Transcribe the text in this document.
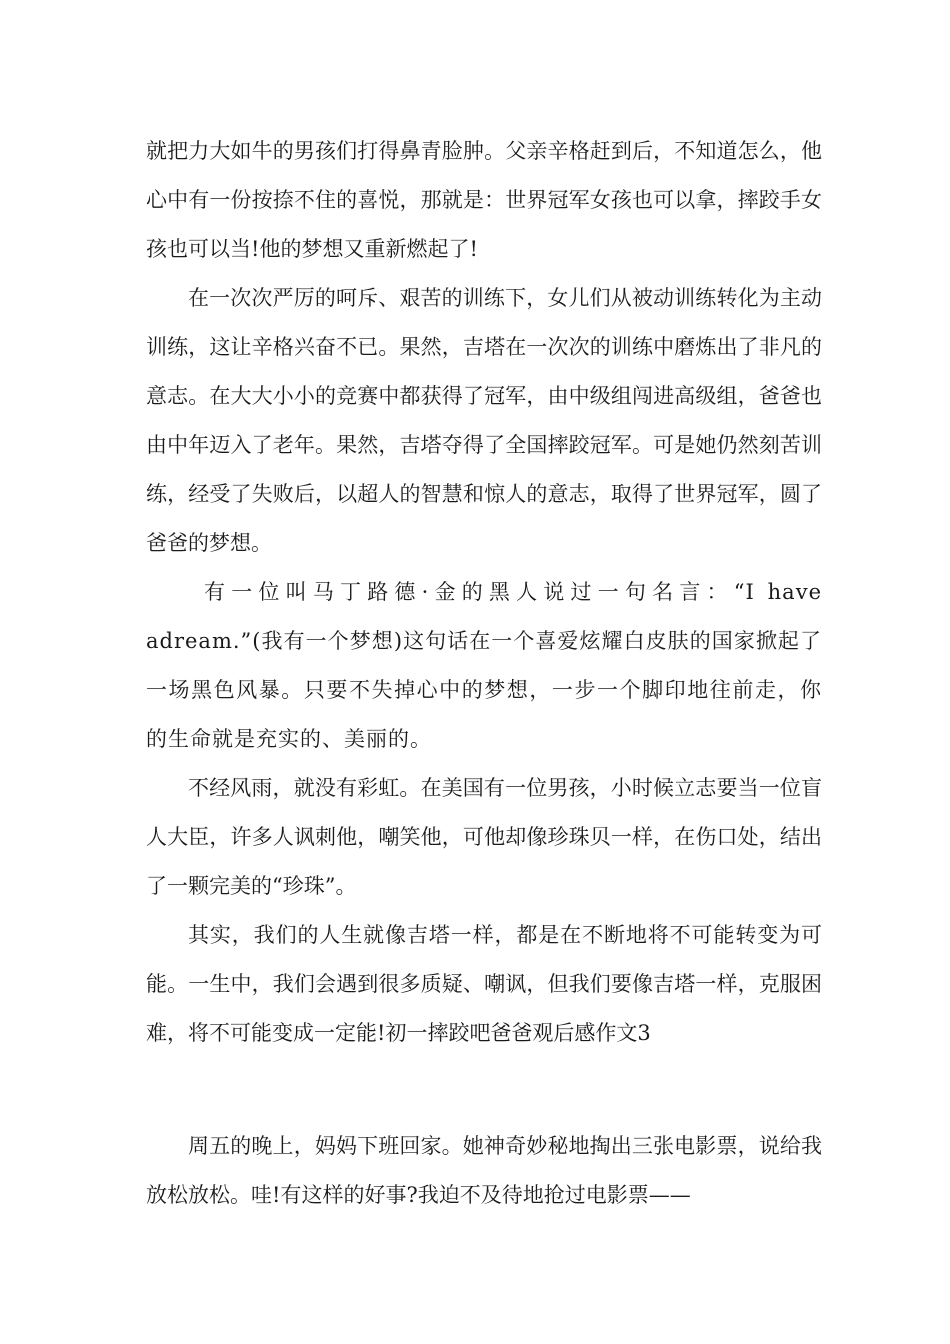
就把力大如牛的男孩们打得鼻青脸肿。父亲辛格赶到后，不知道怎么，他心中有一份按捺不住的喜悦，那就是：世界冠军女孩也可以拿，摔跤手女孩也可以当!他的梦想又重新燃起了!

在一次次严厉的呵斥、艰苦的训练下，女儿们从被动训练转化为主动训练，这让辛格兴奋不已。果然，吉塔在一次次的训练中磨炼出了非凡的意志。在大大小小的竞赛中都获得了冠军，由中级组闯进高级组，爸爸也由中年迈入了老年。果然，吉塔夺得了全国摔跤冠军。可是她仍然刻苦训练，经受了失败后，以超人的智慧和惊人的意志，取得了世界冠军，圆了爸爸的梦想。

有一位叫马丁路德·金的黑人说过一句名言：“I have adream.”(我有一个梦想)这句话在一个喜爱炫耀白皮肤的国家掀起了一场黑色风暴。只要不失掉心中的梦想，一步一个脚印地往前走，你的生命就是充实的、美丽的。

不经风雨，就没有彩虹。在美国有一位男孩，小时候立志要当一位盲人大臣，许多人讽刺他，嘲笑他，可他却像珍珠贝一样，在伤口处，结出了一颗完美的“珍珠”。

其实，我们的人生就像吉塔一样，都是在不断地将不可能转变为可能。一生中，我们会遇到很多质疑、嘲讽，但我们要像吉塔一样，克服困难，将不可能变成一定能!初一摔跤吧爸爸观后感作文3

周五的晚上，妈妈下班回家。她神奇妙秘地掏出三张电影票，说给我放松放松。哇!有这样的好事?我迫不及待地抢过电影票——
